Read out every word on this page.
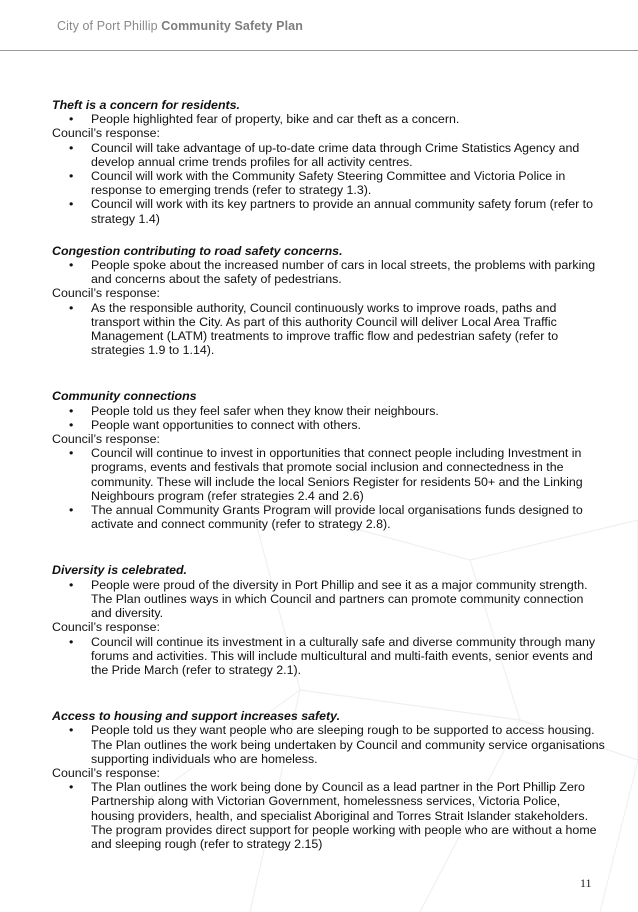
City of Port Phillip Community Safety Plan
Theft is a concern for residents.
• People highlighted fear of property, bike and car theft as a concern.
Council’s response:
• Council will take advantage of up-to-date crime data through Crime Statistics Agency and develop annual crime trends profiles for all activity centres.
• Council will work with the Community Safety Steering Committee and Victoria Police in response to emerging trends (refer to strategy 1.3).
• Council will work with its key partners to provide an annual community safety forum (refer to strategy 1.4)
Congestion contributing to road safety concerns.
• People spoke about the increased number of cars in local streets, the problems with parking and concerns about the safety of pedestrians.
Council’s response:
• As the responsible authority, Council continuously works to improve roads, paths and transport within the City. As part of this authority Council will deliver Local Area Traffic Management (LATM) treatments to improve traffic flow and pedestrian safety (refer to strategies 1.9 to 1.14).
Community connections
• People told us they feel safer when they know their neighbours.
• People want opportunities to connect with others.
Council’s response:
• Council will continue to invest in opportunities that connect people including Investment in programs, events and festivals that promote social inclusion and connectedness in the community. These will include the local Seniors Register for residents 50+ and the Linking Neighbours program (refer strategies 2.4 and 2.6)
• The annual Community Grants Program will provide local organisations funds designed to activate and connect community (refer to strategy 2.8).
Diversity is celebrated.
• People were proud of the diversity in Port Phillip and see it as a major community strength. The Plan outlines ways in which Council and partners can promote community connection and diversity.
Council’s response:
• Council will continue its investment in a culturally safe and diverse community through many forums and activities. This will include multicultural and multi-faith events, senior events and the Pride March (refer to strategy 2.1).
Access to housing and support increases safety.
• People told us they want people who are sleeping rough to be supported to access housing. The Plan outlines the work being undertaken by Council and community service organisations supporting individuals who are homeless.
Council’s response:
• The Plan outlines the work being done by Council as a lead partner in the Port Phillip Zero Partnership along with Victorian Government, homelessness services, Victoria Police, housing providers, health, and specialist Aboriginal and Torres Strait Islander stakeholders. The program provides direct support for people working with people who are without a home and sleeping rough (refer to strategy 2.15)
11
